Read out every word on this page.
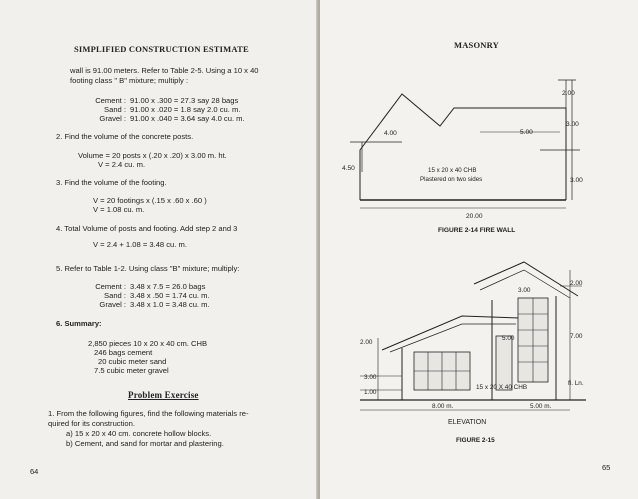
SIMPLIFIED CONSTRUCTION ESTIMATE
wall is 91.00 meters. Refer to Table 2-5. Using a 10 x 40
footing class " B" mixture; multiply :
Cement : 91.00 x .300 = 27.3 say 28 bags
Sand : 91.00 x .020 = 1.8 say 2.0 cu. m.
Gravel : 91.00 x .040 = 3.64 say 4.0 cu. m.
2. Find the volume of the concrete posts.
Volume = 20 posts x (.20 x .20) x 3.00 m. ht.
V = 2.4 cu. m.
3. Find the volume of the footing.
V = 20 footings x (.15 x .60 x .60 )
V = 1.08 cu. m.
4. Total Volume of posts and footing. Add step 2 and 3
V = 2.4 + 1.08 = 3.48 cu. m.
5. Refer to Table 1-2. Using class "B" mixture; multiply:
Cement : 3.48 x 7.5 = 26.0 bags
Sand : 3.48 x .50 = 1.74 cu. m.
Gravel : 3.48 x 1.0 = 3.48 cu. m.
6. Summary:
2,850 pieces 10 x 20 x 40 cm. CHB
246 bags cement
20 cubic meter sand
7.5 cubic meter gravel
Problem Exercise
1. From the following figures, find the following materials re-
quired for its construction.
a) 15 x 20 x 40 cm. concrete hollow blocks.
b) Cement, and sand for mortar and plastering.
64
MASONRY
2.00
3.00
4.00	5.00
4.50
3.00
15 x 20 x 40 CHB
Plastered on two sides
20.00
FIGURE 2-14 FIRE WALL
2.00
3.00
7.00
5.00
2.00
3.00
1.00
15 x 20 X 40 CHB
fl. Ln.
8.00 m.	5.00 m.
ELEVATION
FIGURE 2-15
65
